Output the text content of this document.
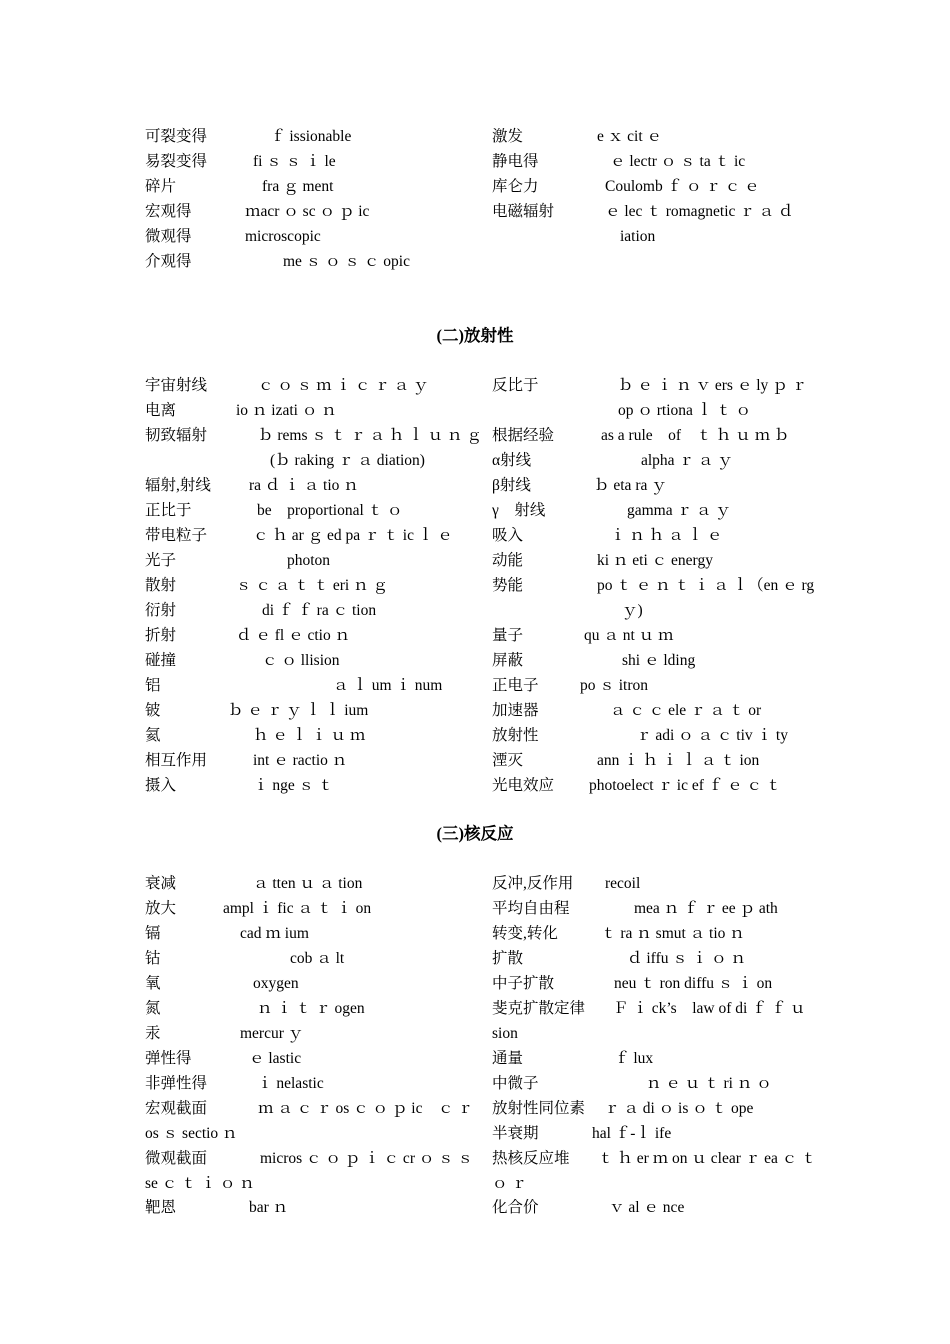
可裂变得	ｆ issionable
易裂变得	fi ｓ ｓ ｉ le
碎片	fra ｇ ment
宏观得	ｍacr ｏ sc ｏ ｐ ic
微观得	microscopic
介观得	me ｓ ｏ ｓ ｃ opic
激发	e ｘ cit ｅ
静电得	ｅ lectr ｏ ｓ ta ｔ ic
库仑力	Coulomb ｆ ｏ ｒ ｃ ｅ
电磁辐射	ｅ lec ｔ romagnetic ｒ ａ ｄ
iation
(二)放射性
宇宙射线	ｃ ｏ ｓ ｍ ｉ ｃ ｒ ａ ｙ
电离	io ｎ izati ｏ ｎ
韧致辐射	ｂ rems ｓ ｔ ｒ ａ ｈ ｌ ｕ ｎ ｇ
(ｂ raking ｒ ａ diation)
辐射,射线 ra ｄ ｉ ａ tio ｎ
正比于	be　proportional ｔ ｏ
带电粒子	ｃ ｈ ar ｇ ed pa ｒ ｔ ic ｌ ｅ
光子	photon
散射	ｓ ｃ ａ ｔ ｔ eri ｎ ｇ
衍射	di ｆ ｆ ra ｃ tion
折射	ｄ ｅ fl ｅ ctio ｎ
碰撞	ｃ ｏ llision
铝	ａ ｌ um ｉ num
铍	ｂ ｅ ｒ ｙ ｌ ｌ ium
氦	ｈ ｅ ｌ ｉ ｕ ｍ
相互作用	int ｅ ractio ｎ
摄入	ｉ nge ｓ ｔ
反比于	ｂ ｅ ｉ ｎ ｖ ers ｅ ly ｐ ｒ
op ｏ rtiona ｌ ｔ ｏ
根据经验	as a rule　of　ｔ ｈ ｕ ｍ ｂ
α射线	alpha ｒ ａ ｙ
β射线	ｂ eta ra ｙ
γ　射线	gamma ｒ ａ ｙ
吸入	ｉ ｎ ｈ ａ ｌ ｅ
动能	ki ｎ eti ｃ energy
势能	po ｔ ｅ ｎ ｔ ｉ ａ ｌ（en ｅ rg
ｙ)
量子	qu ａ nt ｕ ｍ
屏蔽	shi ｅ lding
正电子	po ｓ itron
加速器	ａ ｃ ｃ ele ｒ ａ ｔ or
放射性	ｒ adi ｏ ａ ｃ tiv ｉ ty
湮灭	ann ｉ ｈ ｉ ｌ ａ ｔ ion
光电效应 photoelect ｒ ic ef ｆ ｅ ｃ ｔ
(三)核反应
衰减	ａ tten ｕ ａ tion
放大	ampl ｉ fic ａ ｔ ｉ on
镉	cad ｍ ium
钴	cob ａ lt
氧	oxygen
氮	ｎ ｉ ｔ ｒ ogen
汞	mercur ｙ
弹性得	ｅ lastic
非弹性得	ｉ nelastic
宏观截面	ｍ ａ ｃ ｒ os ｃ ｏ ｐ ic　ｃ ｒ
os ｓ sectio ｎ
微观截面	micros ｃ ｏ ｐ ｉ ｃ cr ｏ ｓ ｓ
se ｃ ｔ ｉ ｏ ｎ
靶恩	bar ｎ
反冲,反作用 recoil
平均自由程	mea ｎ ｆ ｒ ee ｐ ath
转变,转化	ｔ ra ｎ smut ａ tio ｎ
扩散	ｄ iffu ｓ ｉ ｏ ｎ
中子扩散	neu ｔ ron diffu ｓ ｉ on
斐克扩散定律 Ｆ ｉ ck’s　law of di ｆ ｆ ｕ
sion
通量	ｆ lux
中微子	ｎ ｅ ｕ ｔ ri ｎ ｏ
放射性同位素 ｒ ａ di ｏ is ｏ ｔ ope
半衰期	hal ｆ-ｌ ife
热核反应堆 ｔ ｈ er ｍ on ｕ clear ｒ ea ｃ ｔ
ｏ ｒ
化合价	ｖ al ｅ nce
